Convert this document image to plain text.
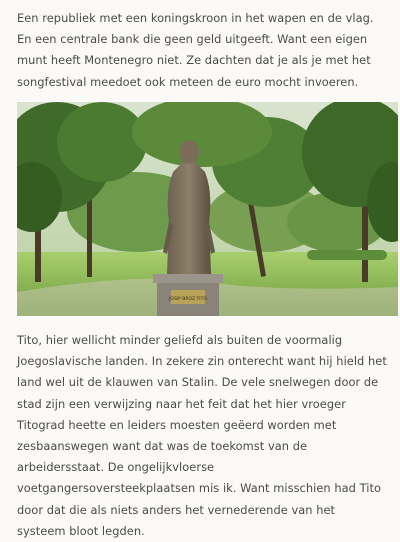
Een republiek met een koningskroon in het wapen en de vlag. En een centrale bank die geen geld uitgeeft. Want een eigen munt heeft Montenegro niet. Ze dachten dat je als je met het songfestival meedoet ook meteen de euro mocht invoeren.

JOSIP BROZ TITO

Tito, hier wellicht minder geliefd als buiten de voormalig Joegoslavische landen. In zekere zin onterecht want hij hield het land wel uit de klauwen van Stalin. De vele snelwegen door de stad zijn een verwijzing naar het feit dat het hier vroeger Titograd heette en leiders moesten geëerd worden met zesbaanswegen want dat was de toekomst van de arbeidersstaat. De ongelijkvloerse voetgangersoversteekplaatsen mis ik. Want misschien had Tito door dat die als niets anders het vernederende van het systeem bloot legden.
